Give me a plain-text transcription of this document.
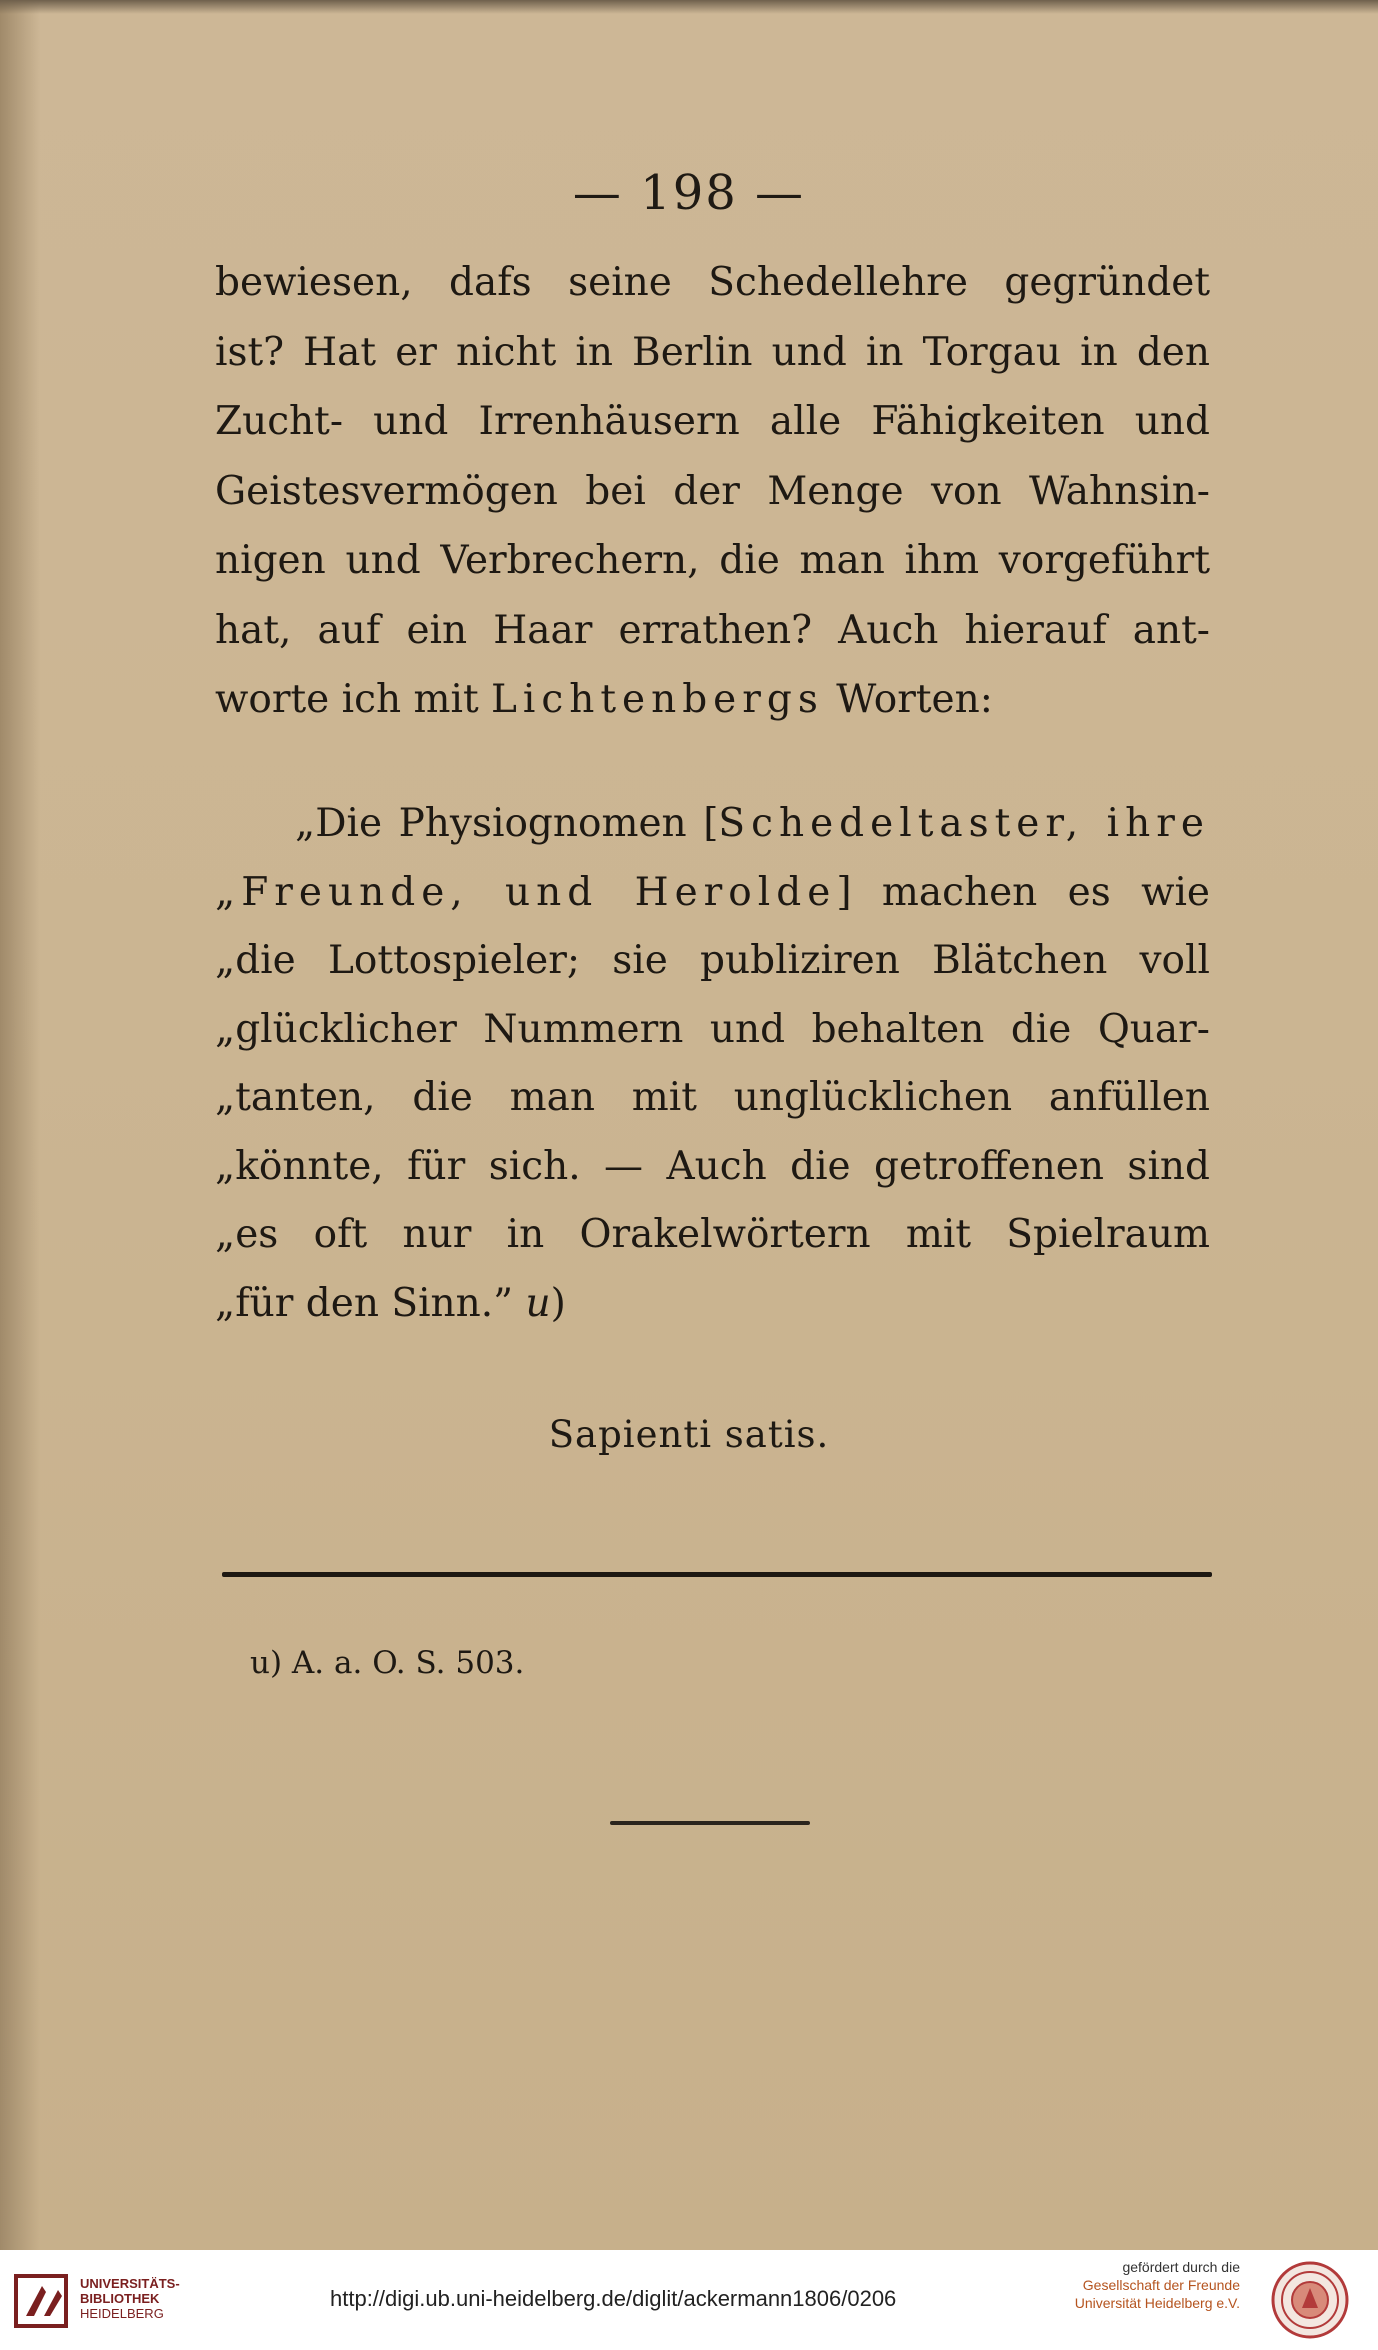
— 198 —
bewiesen, dafs seine Schedellehre gegründet
ist? Hat er nicht in Berlin und in Torgau in den
Zucht- und Irrenhäusern alle Fähigkeiten und
Geistesvermögen bei der Menge von Wahnsin-
nigen und Verbrechern, die man ihm vorgeführt
hat, auf ein Haar errathen? Auch hierauf ant-
worte ich mit Lichtenbergs Worten:
„Die Physiognomen [Schedeltaster, ihre
„Freunde, und Herolde] machen es wie
„die Lottospieler; sie publiziren Blätchen voll
„glücklicher Nummern und behalten die Quar-
„tanten, die man mit unglücklichen anfüllen
„könnte, für sich. — Auch die getroffenen sind
„es oft nur in Orakelwörtern mit Spielraum
„für den Sinn.” u)
Sapienti satis.
u) A. a. O. S. 503.
UNIVERSITÄTS-
BIBLIOTHEK
HEIDELBERG
http://digi.ub.uni-heidelberg.de/diglit/ackermann1806/0206
gefördert durch die
Gesellschaft der Freunde
Universität Heidelberg e.V.
